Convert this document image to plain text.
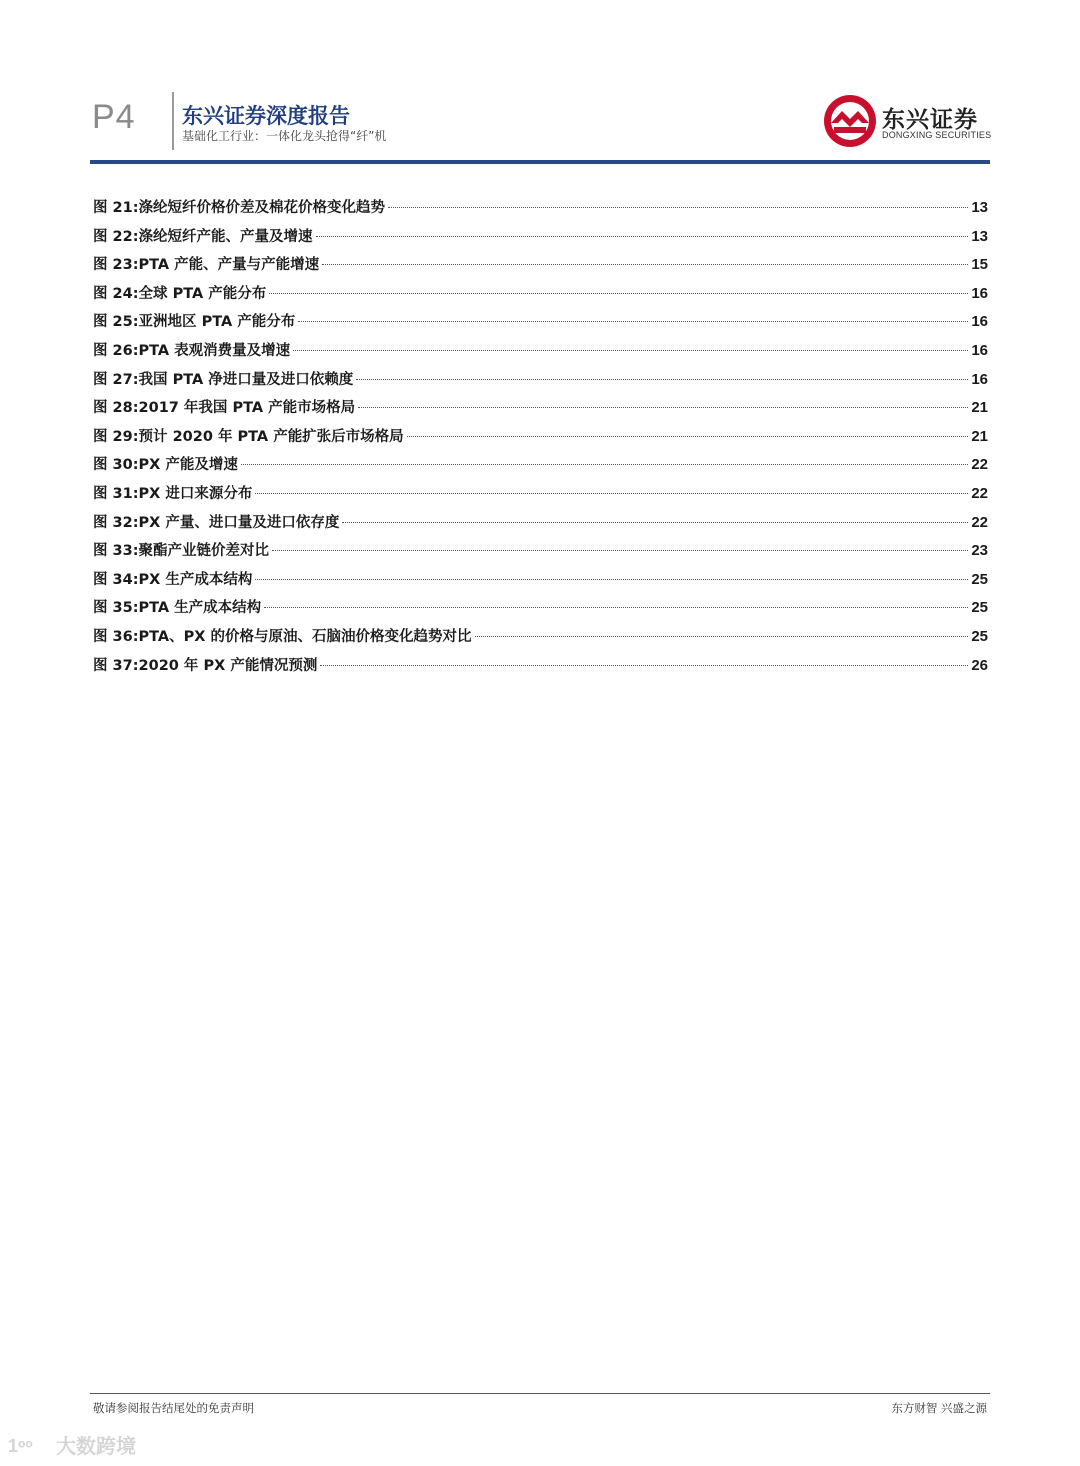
P4 东兴证券深度报告
基础化工行业：一体化龙头抢得“纤”机
东兴证券
DONGXING SECURITIES
图 21:涤纶短纤价格价差及棉花价格变化趋势	13
图 22:涤纶短纤产能、产量及增速	13
图 23:PTA 产能、产量与产能增速	15
图 24:全球 PTA 产能分布	16
图 25:亚洲地区 PTA 产能分布	16
图 26:PTA 表观消费量及增速	16
图 27:我国 PTA 净进口量及进口依赖度	16
图 28:2017 年我国 PTA 产能市场格局	21
图 29:预计 2020 年 PTA 产能扩张后市场格局	21
图 30:PX 产能及增速	22
图 31:PX 进口来源分布	22
图 32:PX 产量、进口量及进口依存度	22
图 33:聚酯产业链价差对比	23
图 34:PX 生产成本结构	25
图 35:PTA 生产成本结构	25
图 36:PTA、PX 的价格与原油、石脑油价格变化趋势对比	25
图 37:2020 年 PX 产能情况预测	26
敬请参阅报告结尾处的免责声明	东方财智 兴盛之源
1ᵒᵒ 大数跨境
